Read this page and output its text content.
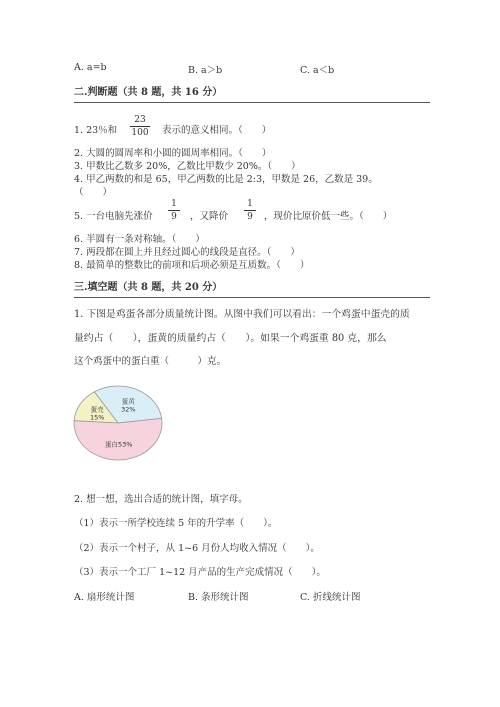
A. a=b	B. a＞b	C. a＜b
二.判断题（共 8 题，共 16 分）
1. 23％和
23
100 表示的意义相同。（　　）
2. 大圆的圆周率和小圆的圆周率相同。（　　）
3. 甲数比乙数多 20%，乙数比甲数少 20%。（　　）
4. 甲乙两数的和是 65，甲乙两数的比是 2:3，甲数是 26，乙数是 39。
（　　）
5. 一台电脑先涨价
1
9	，又降价
1
9	，现价比原价低一些。（　　）
6. 半圆有一条对称轴。（　　）
7. 两段都在圆上并且经过圆心的线段是直径。（　　）
8. 最简单的整数比的前项和后项必须是互质数。（　　）
三.填空题（共 8 题，共 20 分）
1. 下图是鸡蛋各部分质量统计图。从图中我们可以看出：一个鸡蛋中蛋壳的质
量约占（　　），蛋黄的质量约占（　　）。如果一个鸡蛋重 80 克，那么
这个鸡蛋中的蛋白重（　　　）克。
蛋壳
15%
蛋黄
32%
蛋白53%
2. 想一想，选出合适的统计图，填字母。
（1）表示一所学校连续 5 年的升学率（　　）。
（2）表示一个村子，从 1~6 月份人均收入情况（　　）。
（3）表示一个工厂 1~12 月产品的生产完成情况（　　）。
A. 扇形统计图	B. 条形统计图	C. 折线统计图
